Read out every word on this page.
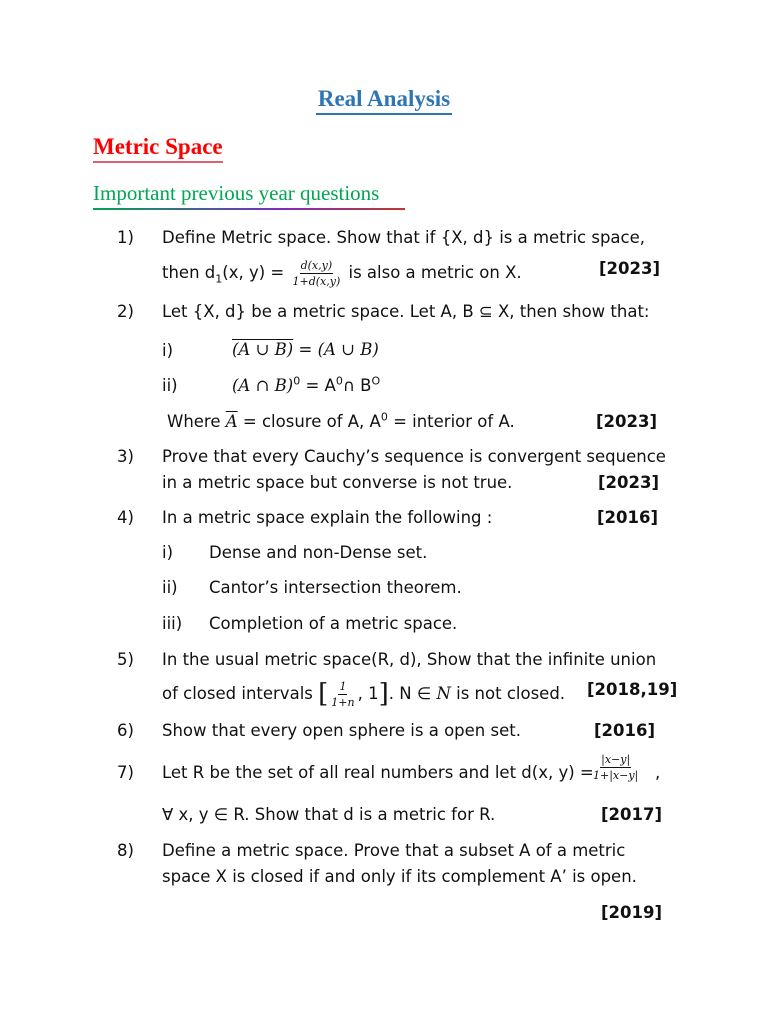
Real Analysis
Metric Space
Important previous year questions
1) Define Metric space. Show that if {X, d} is a metric space,
then $d_1(x$, $y) = \frac{d(x,y)}{1+d(x,y)}$ is also a metric on X.	[2023]
2) Let {X, d} be a metric space. Let A, B ⊆ X, then show that:
i)	(A ∪ B) = (A ∪ B)
ii)	(A ∩ $B)^0 = A^0\cap$ $B^O$
Where $\overline{A}$ = closure of A, $A^0$ = interior of A.	[2023]
3) Prove that every Cauchy’s sequence is convergent sequence
in a metric space but converse is not true.	[2023]
4) In a metric space explain the following :	[2016]
i) Dense and non-Dense set.
ii) Cantor’s intersection theorem.
iii) Completion of a metric space.
5) In the usual metric space(R, d), Show that the infinite union
of closed intervals [ $\frac{1}{1+n}$ , 1]. N ∈ N is not closed. [2018,19]
6) Show that every open sphere is a open set.	[2016]
7) Let R be the set of all real numbers and let d(x, y) =
$\frac{|x-y|}{1+|x-y|}$ ,
∀ x, y ∈ R. Show that d is a metric for R.	[2017]
8) Define a metric space. Prove that a subset A of a metric
space X is closed if and only if its complement A’ is open.
[2019]
